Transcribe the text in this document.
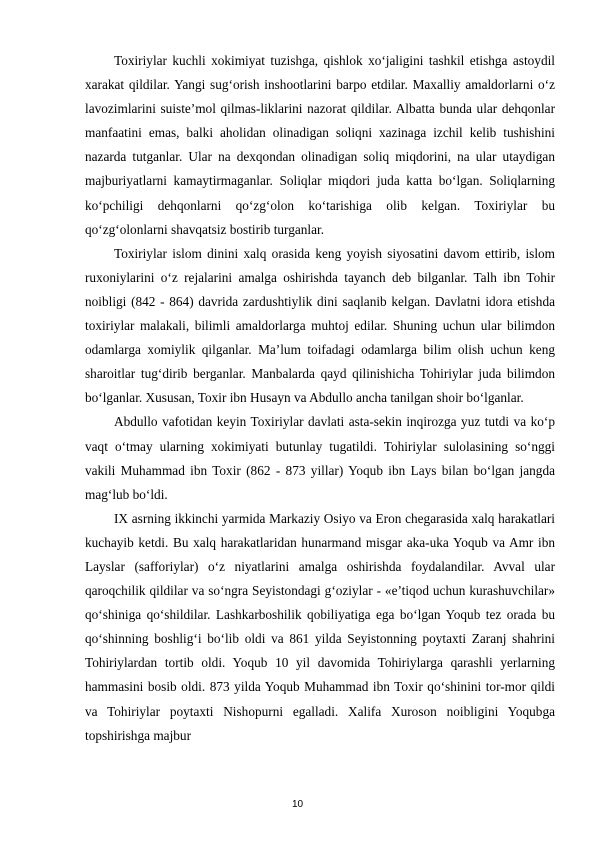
Toxiriylar kuchli xokimiyat tuzishga, qishlok xo‘jaligini tashkil etishga astoydil xarakat qildilar. Yangi sug‘orish inshootlarini barpo etdilar. Maxalliy amaldorlarni o‘z lavozimlarini suiste’mol qilmas-liklarini nazorat qildilar. Albatta bunda ular dehqonlar manfaatini emas, balki aholidan olinadigan soliqni xazinaga izchil kelib tushishini nazarda tutganlar. Ular na dexqondan olinadigan soliq miqdorini, na ular utaydigan majburiyatlarni kamaytirmaganlar. Soliqlar miqdori juda katta bo‘lgan. Soliqlarning ko‘pchiligi dehqonlarni qo‘zg‘olon ko‘tarishiga olib kelgan. Toxiriylar bu qo‘zg‘olonlarni shavqatsiz bostirib turganlar.

Toxiriylar islom dinini xalq orasida keng yoyish siyosatini davom ettirib, islom ruxoniylarini o‘z rejalarini amalga oshirishda tayanch deb bilganlar. Talh ibn Tohir noibligi (842 - 864) davrida zardushtiylik dini saqlanib kelgan. Davlatni idora etishda toxiriylar malakali, bilimli amaldorlarga muhtoj edilar. Shuning uchun ular bilimdon odamlarga xomiylik qilganlar. Ma’lum toifadagi odamlarga bilim olish uchun keng sharoitlar tug‘dirib berganlar. Manbalarda qayd qilinishicha Tohiriylar juda bilimdon bo‘lganlar. Xususan, Toxir ibn Husayn va Abdullo ancha tanilgan shoir bo‘lganlar.

Abdullo vafotidan keyin Toxiriylar davlati asta-sekin inqirozga yuz tutdi va ko‘p vaqt o‘tmay ularning xokimiyati butunlay tugatildi. Tohiriylar sulolasining so‘nggi vakili Muhammad ibn Toxir (862 - 873 yillar) Yoqub ibn Lays bilan bo‘lgan jangda mag‘lub bo‘ldi.

IX asrning ikkinchi yarmida Markaziy Osiyo va Eron chegarasida xalq harakatlari kuchayib ketdi. Bu xalq harakatlaridan hunarmand misgar aka-uka Yoqub va Amr ibn Layslar (safforiylar) o‘z niyatlarini amalga oshirishda foydalandilar. Avval ular qaroqchilik qildilar va so‘ngra Seyistondagi g‘oziylar - «e’tiqod uchun kurashuvchilar» qo‘shiniga qo‘shildilar. Lashkarboshilik qobiliyatiga ega bo‘lgan Yoqub tez orada bu qo‘shinning boshlig‘i bo‘lib oldi va 861 yilda Seyistonning poytaxti Zaranj shahrini Tohiriylardan tortib oldi. Yoqub 10 yil davomida Tohiriylarga qarashli yerlarning hammasini bosib oldi. 873 yilda Yoqub Muhammad ibn Toxir qo‘shinini tor-mor qildi va Tohiriylar poytaxti Nishopurni egalladi. Xalifa Xuroson noibligini Yoqubga topshirishga majbur

10
